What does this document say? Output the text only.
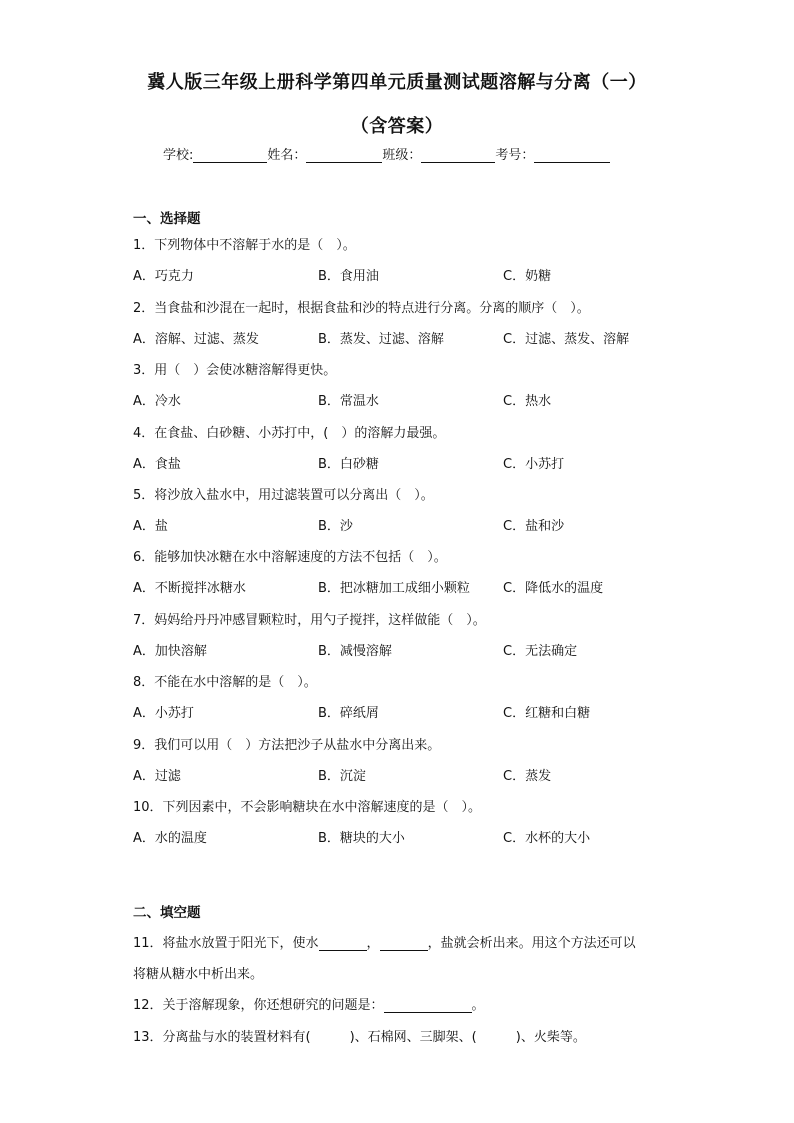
冀人版三年级上册科学第四单元质量测试题溶解与分离（一）
（含答案）
学校:	姓名：	班级：	考号：
一、选择题
1．下列物体中不溶解于水的是（　）。
A．巧克力	B．食用油	C．奶糖
2．当食盐和沙混在一起时，根据食盐和沙的特点进行分离。分离的顺序（　）。
A．溶解、过滤、蒸发	B．蒸发、过滤、溶解	C．过滤、蒸发、溶解
3．用（　）会使冰糖溶解得更快。
A．冷水	B．常温水	C．热水
4．在食盐、白砂糖、小苏打中，(　）的溶解力最强。
A．食盐	B．白砂糖	C．小苏打
5．将沙放入盐水中，用过滤装置可以分离出（　）。
A．盐	B．沙	C．盐和沙
6．能够加快冰糖在水中溶解速度的方法不包括（　）。
A．不断搅拌冰糖水	B．把冰糖加工成细小颗粒	C．降低水的温度
7．妈妈给丹丹冲感冒颗粒时，用勺子搅拌，这样做能（　）。
A．加快溶解	B．减慢溶解	C．无法确定
8．不能在水中溶解的是（　）。
A．小苏打	B．碎纸屑	C．红糖和白糖
9．我们可以用（　）方法把沙子从盐水中分离出来。
A．过滤	B．沉淀	C．蒸发
10．下列因素中，不会影响糖块在水中溶解速度的是（　）。
A．水的温度	B．糖块的大小	C．水杯的大小
二、填空题
11．将盐水放置于阳光下，使水	，	，盐就会析出来。用这个方法还可以
将糖从糖水中析出来。
12．关于溶解现象，你还想研究的问题是：	。
13．分离盐与水的装置材料有(　　　)、石棉网、三脚架、(　　　)、火柴等。
